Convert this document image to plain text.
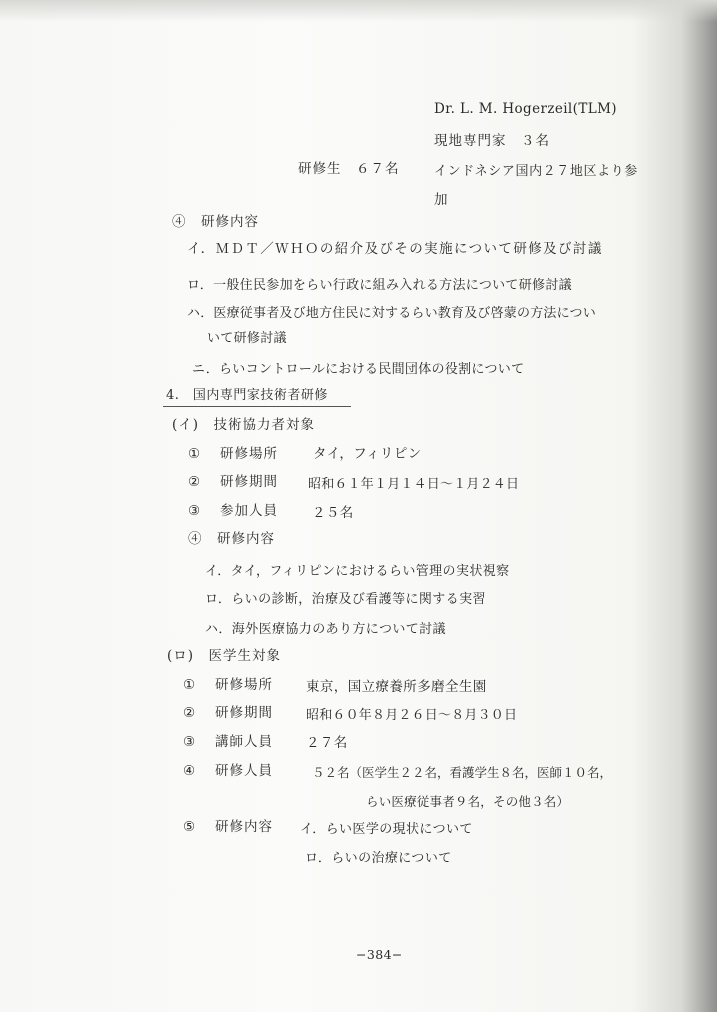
Dr. L. M. Hogerzeil(TLM)
現地専門家　３名
研修生　６７名	インドネシア国内２７地区より参
加
④　研修内容
イ．ＭＤＴ／ＷＨＯの紹介及びその実施について研修及び討議
ロ．一般住民参加をらい行政に組み入れる方法について研修討議
ハ．医療従事者及び地方住民に対するらい教育及び啓蒙の方法につい
いて研修討議
ニ．らいコントロールにおける民間団体の役割について
4.　国内専門家技術者研修
(イ)　技術協力者対象
① 研修場所	タイ，フィリピン
② 研修期間 昭和６１年１月１４日〜１月２４日
③ 参加人員	２５名
④　研修内容
イ．タイ，フィリピンにおけるらい管理の実状視察
ロ．らいの診断，治療及び看護等に関する実習
ハ．海外医療協力のあり方について討議
(ロ)　医学生対象
① 研修場所 東京，国立療養所多磨全生園
② 研修期間	昭和６０年８月２６日〜８月３０日
③ 講師人員 ２７名
④ 研修人員	５２名（医学生２２名，看護学生８名，医師１０名，
らい医療従事者９名，その他３名）
⑤ 研修内容 イ．らい医学の現状について
ロ．らいの治療について
−384−
